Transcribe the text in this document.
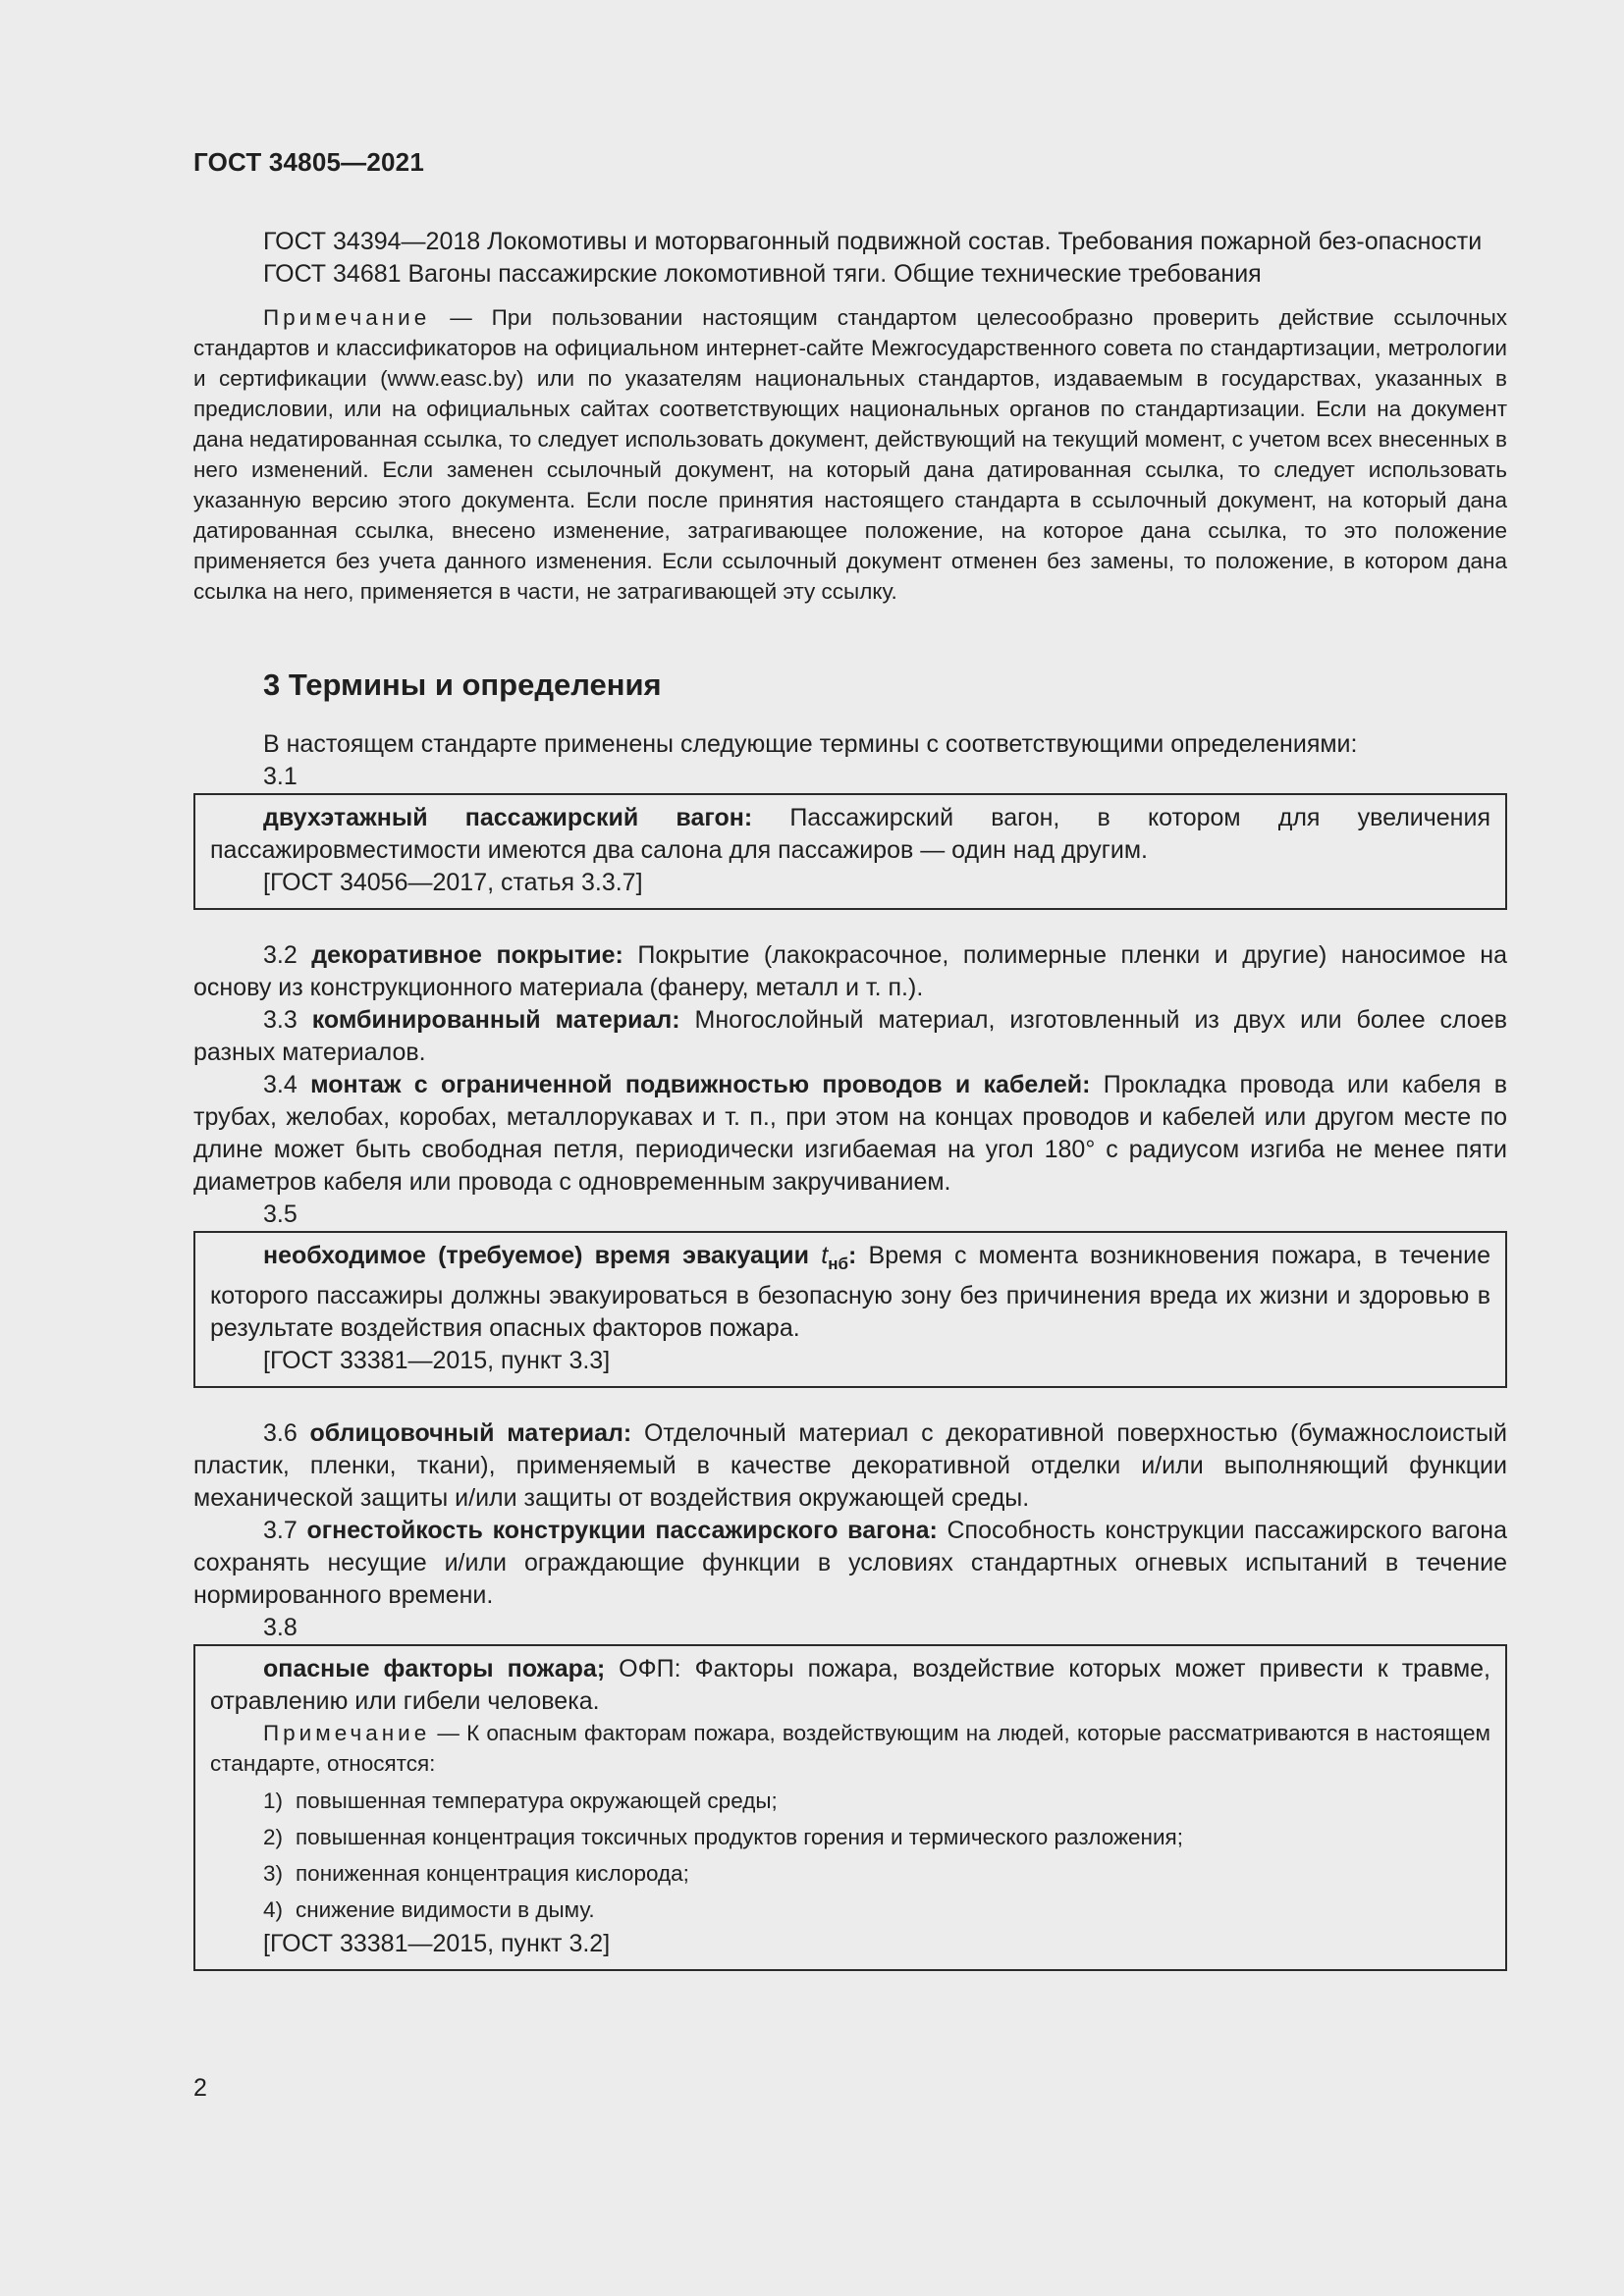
ГОСТ 34805—2021

ГОСТ 34394—2018 Локомотивы и моторвагонный подвижной состав. Требования пожарной без-опасности

ГОСТ 34681 Вагоны пассажирские локомотивной тяги. Общие технические требования

Примечание — При пользовании настоящим стандартом целесообразно проверить действие ссылочных стандартов и классификаторов на официальном интернет-сайте Межгосударственного совета по стандартизации, метрологии и сертификации (www.easc.by) или по указателям национальных стандартов, издаваемым в государствах, указанных в предисловии, или на официальных сайтах соответствующих национальных органов по стандартизации. Если на документ дана недатированная ссылка, то следует использовать документ, действующий на текущий момент, с учетом всех внесенных в него изменений. Если заменен ссылочный документ, на который дана датированная ссылка, то следует использовать указанную версию этого документа. Если после принятия настоящего стандарта в ссылочный документ, на который дана датированная ссылка, внесено изменение, затрагивающее положение, на которое дана ссылка, то это положение применяется без учета данного изменения. Если ссылочный документ отменен без замены, то положение, в котором дана ссылка на него, применяется в части, не затрагивающей эту ссылку.

3 Термины и определения

В настоящем стандарте применены следующие термины с соответствующими определениями:

3.1

двухэтажный пассажирский вагон: Пассажирский вагон, в котором для увеличения пассажировместимости имеются два салона для пассажиров — один над другим.

[ГОСТ 34056—2017, статья 3.3.7]

3.2 декоративное покрытие: Покрытие (лакокрасочное, полимерные пленки и другие) наносимое на основу из конструкционного материала (фанеру, металл и т. п.).

3.3 комбинированный материал: Многослойный материал, изготовленный из двух или более слоев разных материалов.

3.4 монтаж с ограниченной подвижностью проводов и кабелей: Прокладка провода или кабеля в трубах, желобах, коробах, металлорукавах и т. п., при этом на концах проводов и кабелей или другом месте по длине может быть свободная петля, периодически изгибаемая на угол 180° с радиусом изгиба не менее пяти диаметров кабеля или провода с одновременным закручиванием.

3.5

необходимое (требуемое) время эвакуации $t_{нб}$: Время с момента возникновения пожара, в течение которого пассажиры должны эвакуироваться в безопасную зону без причинения вреда их жизни и здоровью в результате воздействия опасных факторов пожара.

[ГОСТ 33381—2015, пункт 3.3]

3.6 облицовочный материал: Отделочный материал с декоративной поверхностью (бумажнослоистый пластик, пленки, ткани), применяемый в качестве декоративной отделки и/или выполняющий функции механической защиты и/или защиты от воздействия окружающей среды.

3.7 огнестойкость конструкции пассажирского вагона: Способность конструкции пассажирского вагона сохранять несущие и/или ограждающие функции в условиях стандартных огневых испытаний в течение нормированного времени.

3.8

опасные факторы пожара; ОФП: Факторы пожара, воздействие которых может привести к травме, отравлению или гибели человека.

Примечание — К опасным факторам пожара, воздействующим на людей, которые рассматриваются в настоящем стандарте, относятся:

1) повышенная температура окружающей среды;
2) повышенная концентрация токсичных продуктов горения и термического разложения;
3) пониженная концентрация кислорода;
4) снижение видимости в дыму.

[ГОСТ 33381—2015, пункт 3.2]

2
